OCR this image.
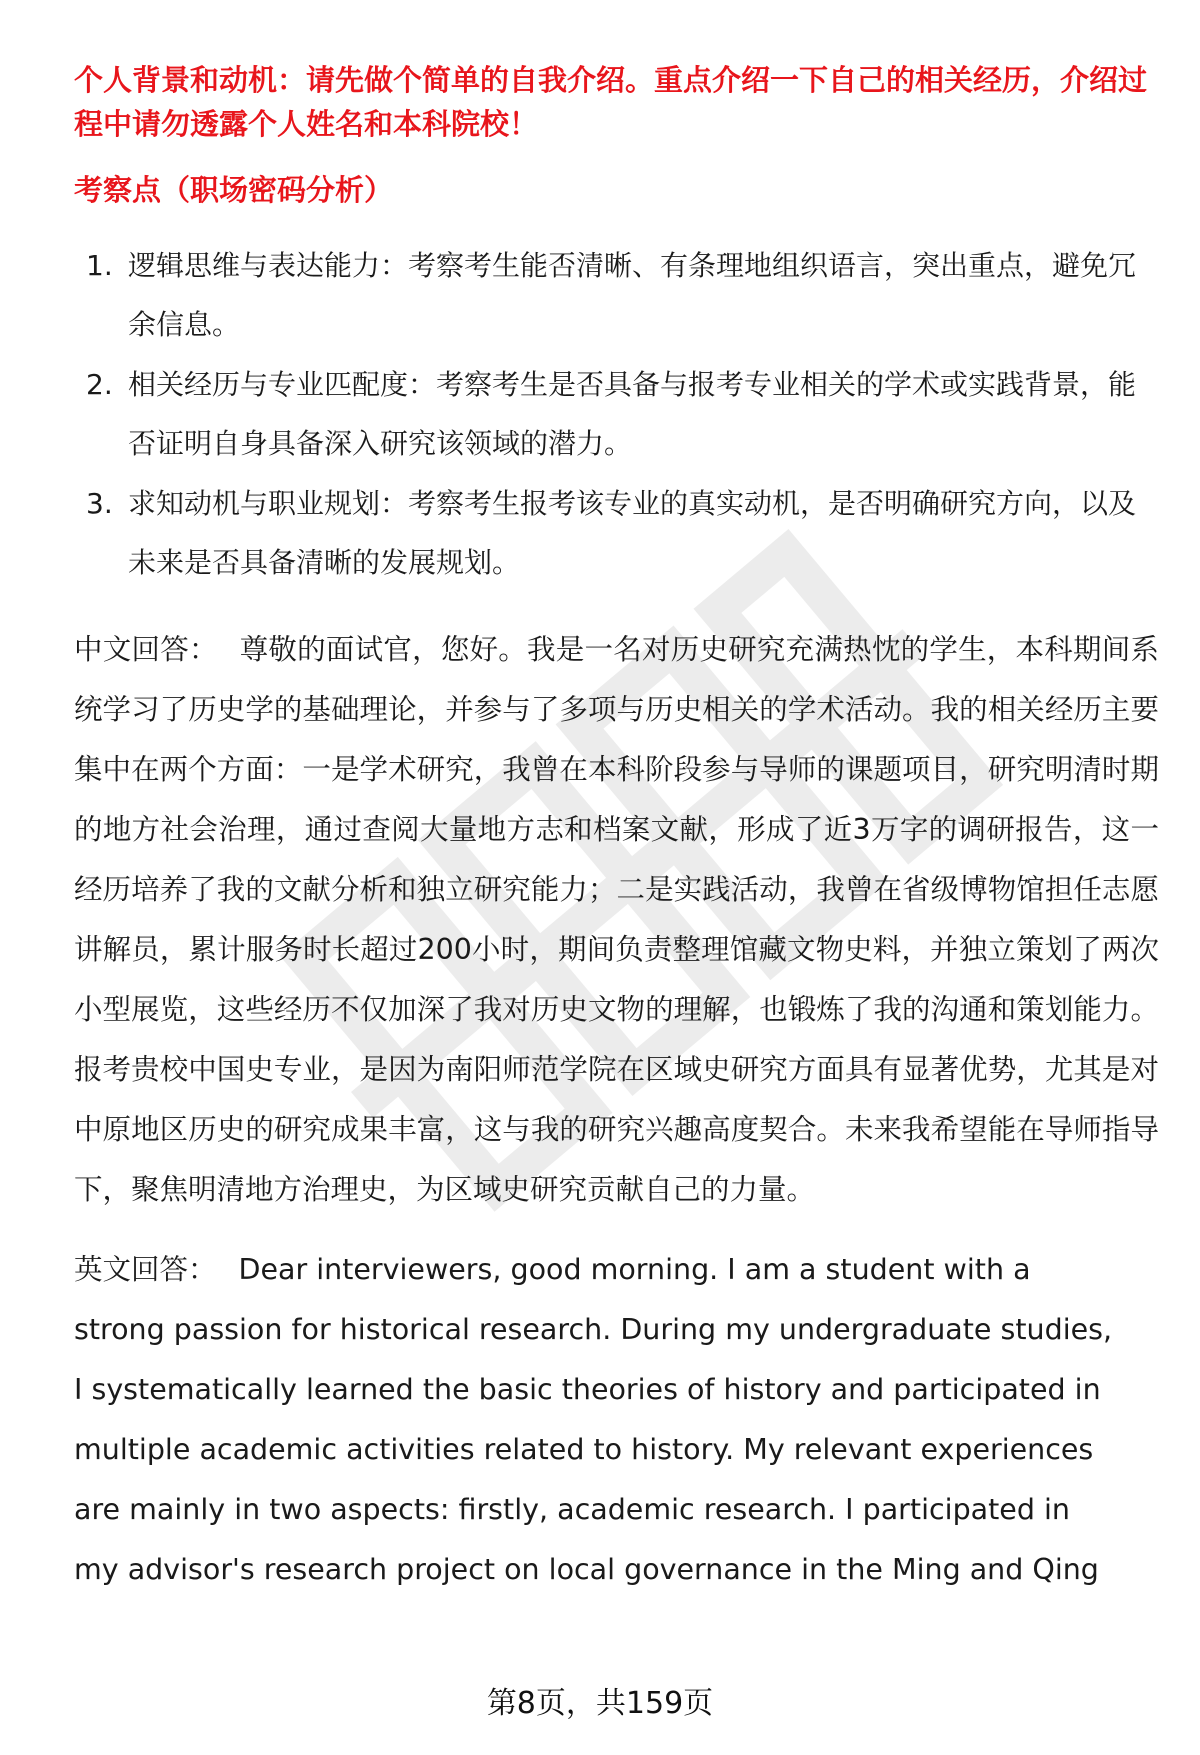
个人背景和动机：请先做个简单的自我介绍。重点介绍一下自己的相关经历，介绍过程中请勿透露个人姓名和本科院校！

考察点（职场密码分析）

1. 逻辑思维与表达能力：考察考生能否清晰、有条理地组织语言，突出重点，避免冗余信息。
2. 相关经历与专业匹配度：考察考生是否具备与报考专业相关的学术或实践背景，能否证明自身具备深入研究该领域的潜力。
3. 求知动机与职业规划：考察考生报考该专业的真实动机，是否明确研究方向，以及未来是否具备清晰的发展规划。

中文回答： 尊敬的面试官，您好。我是一名对历史研究充满热忱的学生，本科期间系统学习了历史学的基础理论，并参与了多项与历史相关的学术活动。我的相关经历主要集中在两个方面：一是学术研究，我曾在本科阶段参与导师的课题项目，研究明清时期的地方社会治理，通过查阅大量地方志和档案文献，形成了近3万字的调研报告，这一经历培养了我的文献分析和独立研究能力；二是实践活动，我曾在省级博物馆担任志愿讲解员，累计服务时长超过200小时，期间负责整理馆藏文物史料，并独立策划了两次小型展览，这些经历不仅加深了我对历史文物的理解，也锻炼了我的沟通和策划能力。报考贵校中国史专业，是因为南阳师范学院在区域史研究方面具有显著优势，尤其是对中原地区历史的研究成果丰富，这与我的研究兴趣高度契合。未来我希望能在导师指导下，聚焦明清地方治理史，为区域史研究贡献自己的力量。

英文回答： Dear interviewers, good morning. I am a student with a strong passion for historical research. During my undergraduate studies, I systematically learned the basic theories of history and participated in multiple academic activities related to history. My relevant experiences are mainly in two aspects: firstly, academic research. I participated in my advisor's research project on local governance in the Ming and Qing

第8页，共159页
